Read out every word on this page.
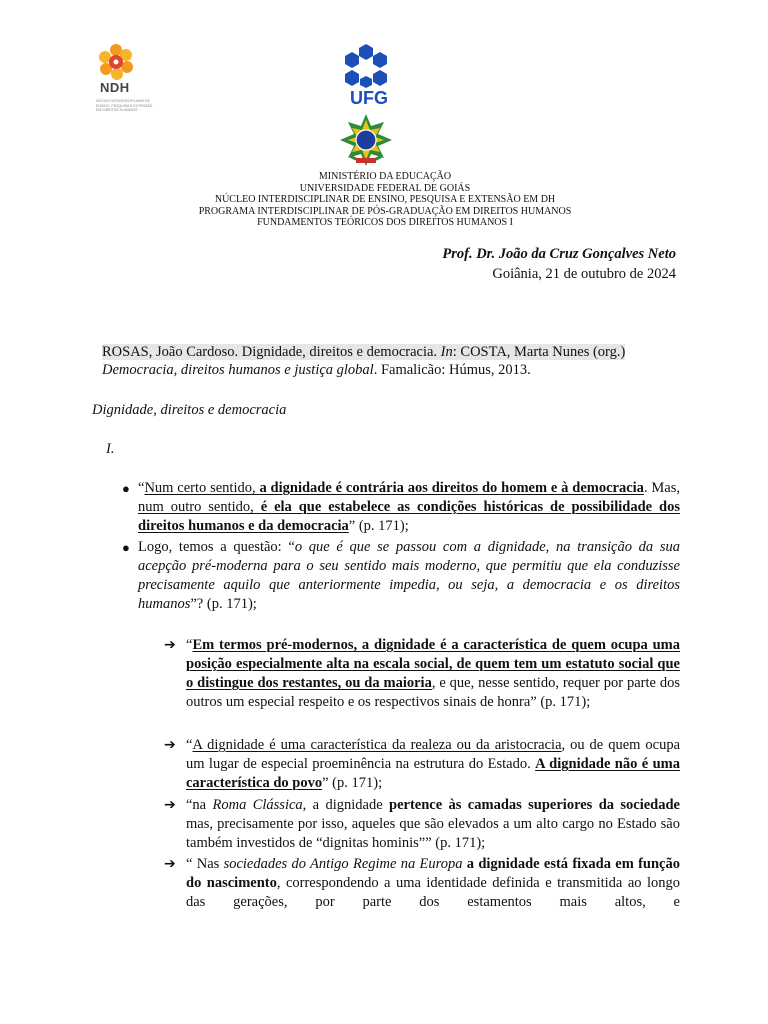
NDH
NÚCLEO INTERDISCIPLINAR DE ENSINO, PESQUISA E EXTENSÃO EM DIREITOS HUMANOS
UFG
MINISTÉRIO DA EDUCAÇÃO
UNIVERSIDADE FEDERAL DE GOIÁS
NÚCLEO INTERDISCIPLINAR DE ENSINO, PESQUISA E EXTENSÃO EM DH
PROGRAMA INTERDISCIPLINAR DE PÓS-GRADUAÇÃO EM DIREITOS HUMANOS
FUNDAMENTOS TEÓRICOS DOS DIREITOS HUMANOS I
Prof. Dr. João da Cruz Gonçalves Neto
Goiânia, 21 de outubro de 2024
ROSAS, João Cardoso. Dignidade, direitos e democracia. In: COSTA, Marta Nunes (org.)
Democracia, direitos humanos e justiça global. Famalicão: Húmus, 2013.
Dignidade, direitos e democracia
I.
● “Num certo sentido, a dignidade é contrária aos direitos do homem e à democracia. Mas, num outro sentido, é ela que estabelece as condições históricas de possibilidade dos direitos humanos e da democracia” (p. 171);
● Logo, temos a questão: “o que é que se passou com a dignidade, na transição da sua acepção pré-moderna para o seu sentido mais moderno, que permitiu que ela conduzisse precisamente aquilo que anteriormente impedia, ou seja, a democracia e os direitos humanos”? (p. 171);
➔ “Em termos pré-modernos, a dignidade é a característica de quem ocupa uma posição especialmente alta na escala social, de quem tem um estatuto social que o distingue dos restantes, ou da maioria, e que, nesse sentido, requer por parte dos outros um especial respeito e os respectivos sinais de honra” (p. 171);
➔ “A dignidade é uma característica da realeza ou da aristocracia, ou de quem ocupa um lugar de especial proeminência na estrutura do Estado. A dignidade não é uma característica do povo” (p. 171);
➔ “na Roma Clássica, a dignidade pertence às camadas superiores da sociedade mas, precisamente por isso, aqueles que são elevados a um alto cargo no Estado são também investidos de “dignitas hominis”” (p. 171);
➔ “ Nas sociedades do Antigo Regime na Europa a dignidade está fixada em função do nascimento, correspondendo a uma identidade definida e transmitida ao longo das gerações, por parte dos estamentos mais altos, e
